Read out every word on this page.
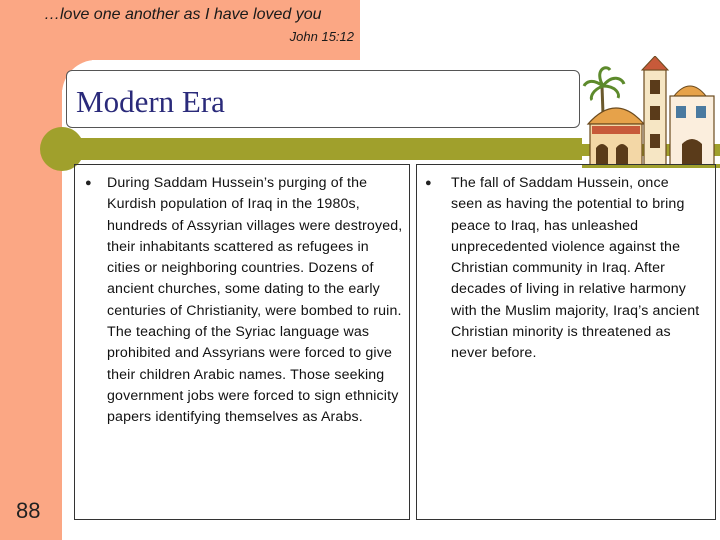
…love one another as I have loved you
John 15:12
Modern Era
● During Saddam Hussein’s purging of the Kurdish population of Iraq in the 1980s, hundreds of Assyrian villages were destroyed, their inhabitants scattered as refugees in cities or neighboring countries. Dozens of ancient churches, some dating to the early centuries of Christianity, were bombed to ruin. The teaching of the Syriac language was prohibited and Assyrians were forced to give their children Arabic names. Those seeking government jobs were forced to sign ethnicity papers identifying themselves as Arabs.
● The fall of Saddam Hussein, once seen as having the potential to bring peace to Iraq, has unleashed unprecedented violence against the Christian community in Iraq. After decades of living in relative harmony with the Muslim majority, Iraq’s ancient Christian minority is threatened as never before.
88
